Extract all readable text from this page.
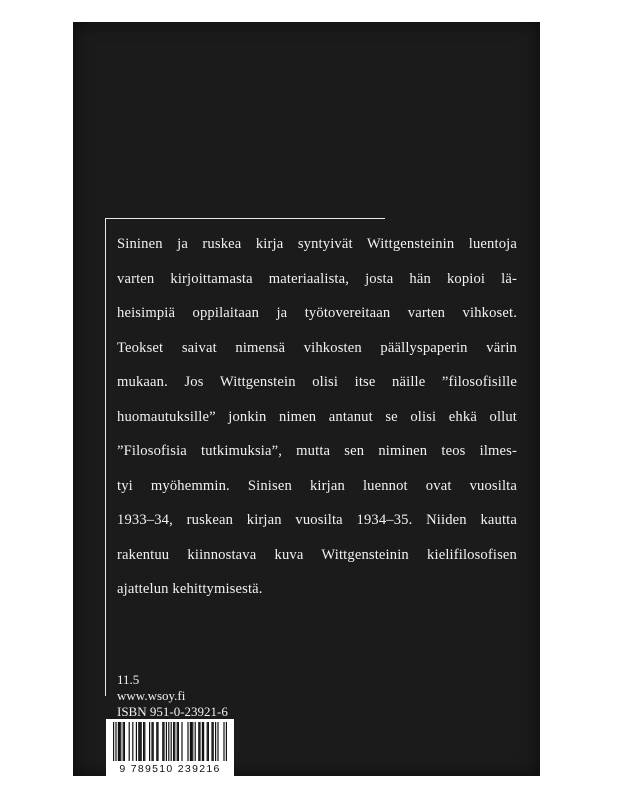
Sininen ja ruskea kirja syntyivät Wittgensteinin luentoja
varten kirjoittamasta materiaalista, josta hän kopioi lä-
heisimpiä oppilaitaan ja työtovereitaan varten vihkoset.
Teokset saivat nimensä vihkosten päällyspaperin värin
mukaan. Jos Wittgenstein olisi itse näille ”filosofisille
huomautuksille” jonkin nimen antanut se olisi ehkä ollut
”Filosofisia tutkimuksia”, mutta sen niminen teos ilmes-
tyi myöhemmin. Sinisen kirjan luennot ovat vuosilta
1933–34, ruskean kirjan vuosilta 1934–35. Niiden kautta
rakentuu kiinnostava kuva Wittgensteinin kielifilosofisen
ajattelun kehittymisestä.
11.5
www.wsoy.fi
ISBN 951-0-23921-6
9 789510 239216
